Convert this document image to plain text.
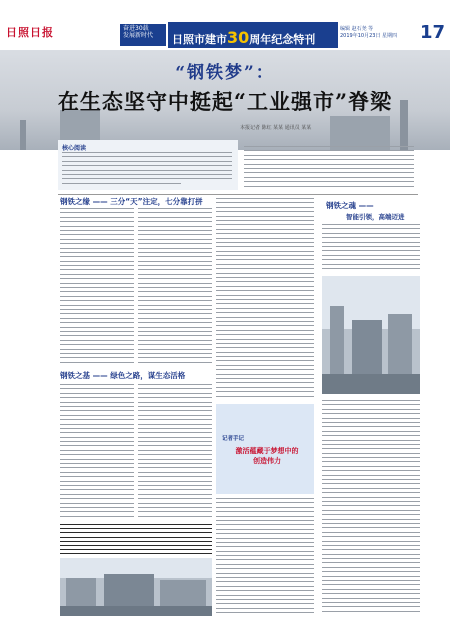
日照日报	奋进30载
发展新时代	日照市建市30周年纪念特刊
编辑 赵石尧 等
2019年10月23日 星期四	17
“钢铁梦”：
在生态坚守中挺起“工业强市”脊梁
本报记者 陈红 某某 通讯员 某某
核心阅读
钢铁之缘 —— 三分“天”注定，七分靠打拼	钢铁之魂 ——
智能引领，高端迈进
钢铁之基 —— 绿色之路，谋生态活格
记者手记
激活蕴藏于梦想中的
创造伟力
